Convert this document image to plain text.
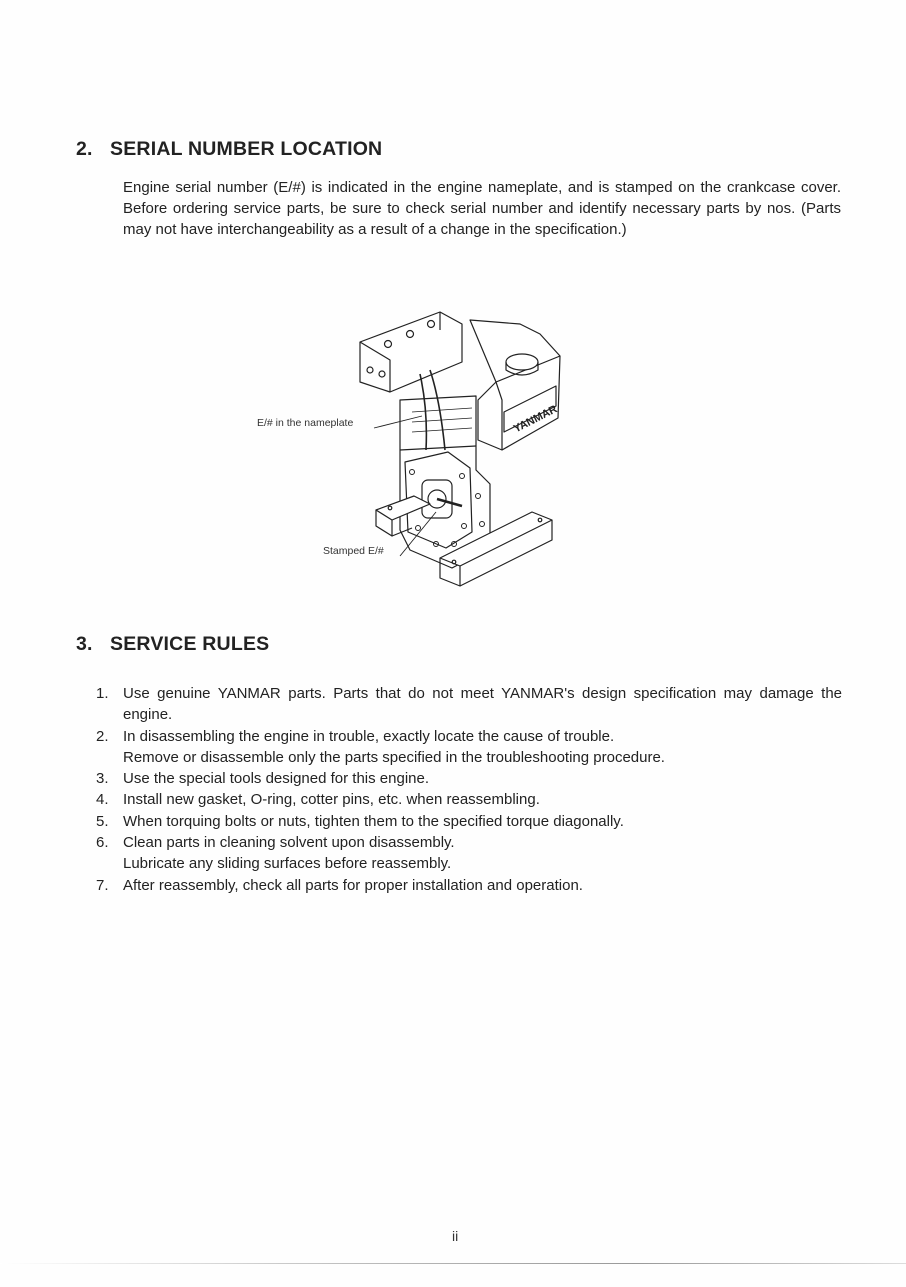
2. SERIAL NUMBER LOCATION

Engine serial number (E/#) is indicated in the engine nameplate, and is stamped on the crankcase cover. Before ordering service parts, be sure to check serial number and identify necessary parts by nos. (Parts may not have interchangeability as a result of a change in the specification.)

YANMAR
E/# in the nameplate
Stamped E/#
3. SERVICE RULES
1. Use genuine YANMAR parts. Parts that do not meet YANMAR's design specification may damage the engine.
2. In disassembling the engine in trouble, exactly locate the cause of trouble.
Remove or disassemble only the parts specified in the troubleshooting procedure.
3. Use the special tools designed for this engine.
4. Install new gasket, O-ring, cotter pins, etc. when reassembling.
5. When torquing bolts or nuts, tighten them to the specified torque diagonally.
6. Clean parts in cleaning solvent upon disassembly.
Lubricate any sliding surfaces before reassembly.
7. After reassembly, check all parts for proper installation and operation.
ii
